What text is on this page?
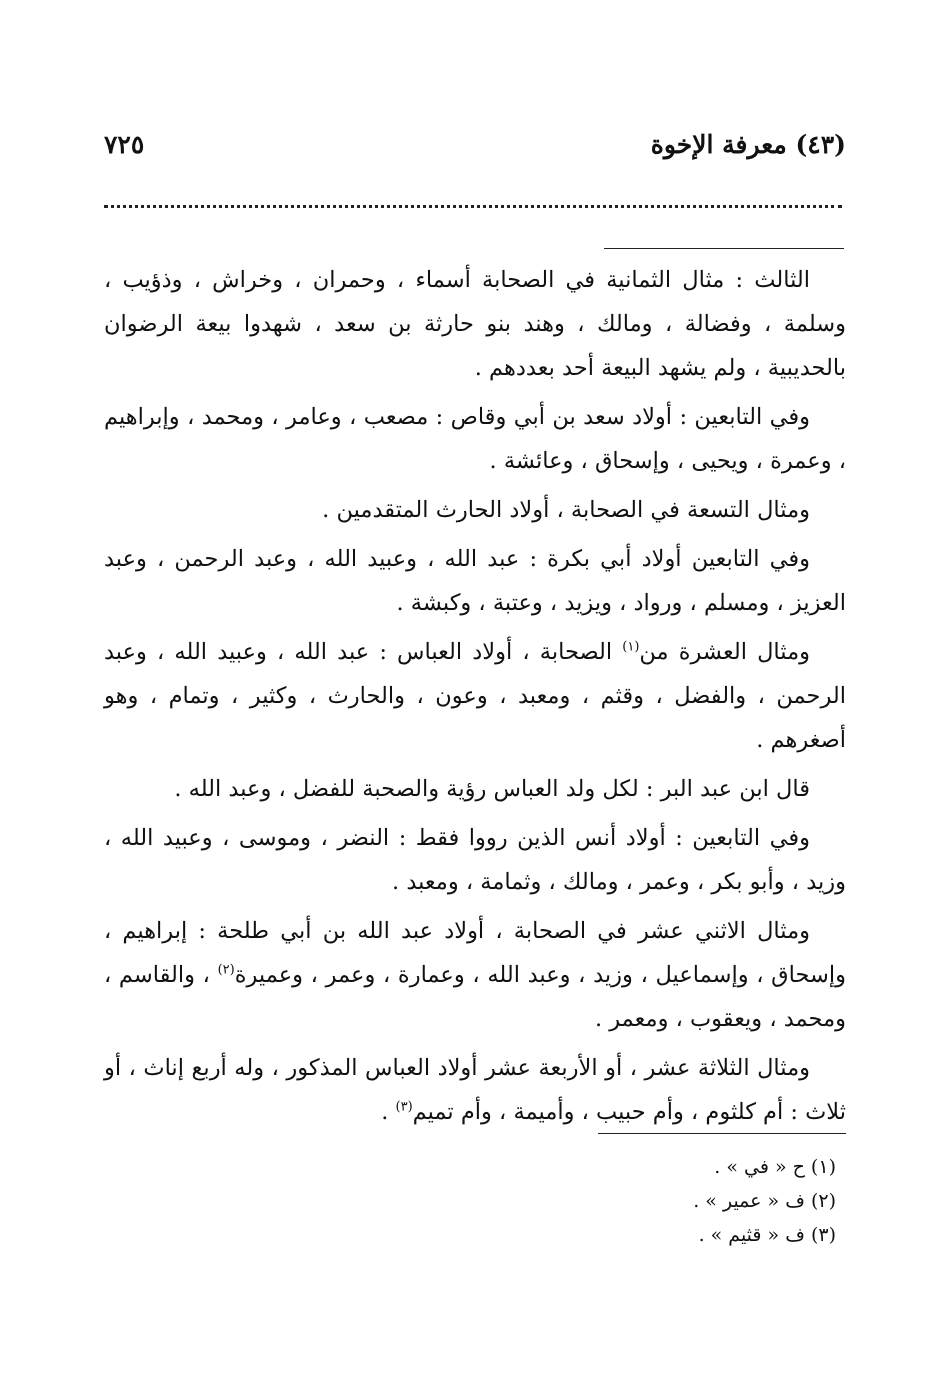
(٤٣) معرفة الإخوة
٧٢٥

الثالث : مثال الثمانية في الصحابة أسماء ، وحمران ، وخراش ، وذؤيب ، وسلمة ، وفضالة ، ومالك ، وهند بنو حارثة بن سعد ، شهدوا بيعة الرضوان بالحديبية ، ولم يشهد البيعة أحد بعددهم .

وفي التابعين : أولاد سعد بن أبي وقاص : مصعب ، وعامر ، ومحمد ، وإبراهيم ، وعمرة ، ويحيى ، وإسحاق ، وعائشة .

ومثال التسعة في الصحابة ، أولاد الحارث المتقدمين .

وفي التابعين أولاد أبي بكرة : عبد الله ، وعبيد الله ، وعبد الرحمن ، وعبد العزيز ، ومسلم ، ورواد ، ويزيد ، وعتبة ، وكبشة .

ومثال العشرة من$^{(١)}$ الصحابة ، أولاد العباس : عبد الله ، وعبيد الله ، وعبد الرحمن ، والفضل ، وقثم ، ومعبد ، وعون ، والحارث ، وكثير ، وتمام ، وهو أصغرهم .

قال ابن عبد البر : لكل ولد العباس رؤية والصحبة للفضل ، وعبد الله .

وفي التابعين : أولاد أنس الذين رووا فقط : النضر ، وموسى ، وعبيد الله ، وزيد ، وأبو بكر ، وعمر ، ومالك ، وثمامة ، ومعبد .

ومثال الاثني عشر في الصحابة ، أولاد عبد الله بن أبي طلحة : إبراهيم ، وإسحاق ، وإسماعيل ، وزيد ، وعبد الله ، وعمارة ، وعمر ، وعميرة$^{(٢)}$ ، والقاسم ، ومحمد ، ويعقوب ، ومعمر .

ومثال الثلاثة عشر ، أو الأربعة عشر أولاد العباس المذكور ، وله أربع إناث ، أو ثلاث : أم كلثوم ، وأم حبيب ، وأميمة ، وأم تميم$^{(٣)}$ .

(١) ح « في » .
(٢) ف « عمير » .
(٣) ف « قثيم » .
